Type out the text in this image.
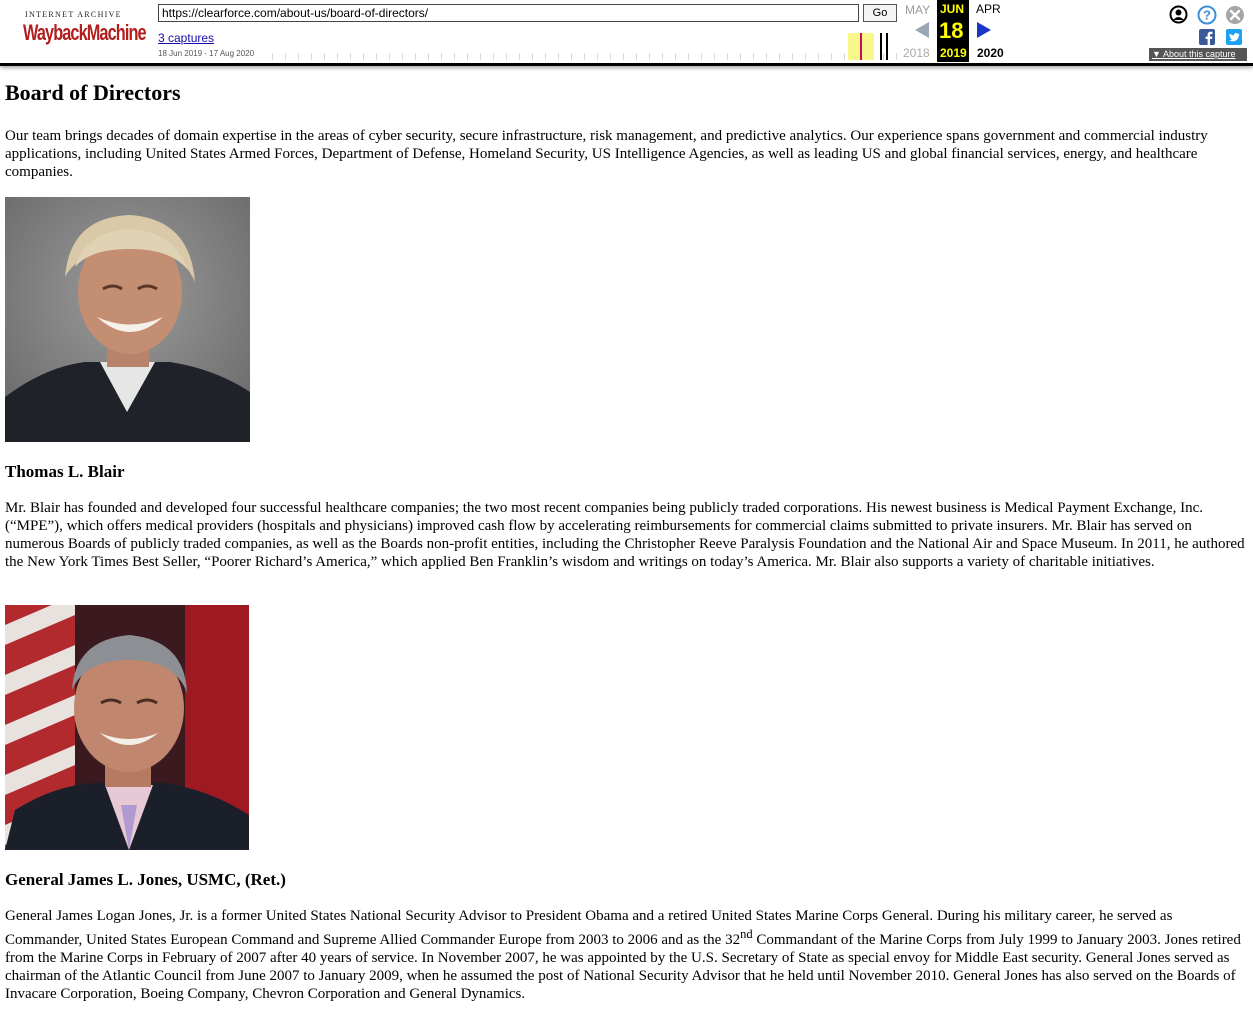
INTERNET ARCHIVE
WaybackMachine
https://clearforce.com/about-us/board-of-directors/
Go
3 captures
18 Jun 2019 - 17 Aug 2020
MAY
2018
JUN
18
2019
APR
2020
?
▼ About this capture
Board of Directors

Our team brings decades of domain expertise in the areas of cyber security, secure infrastructure, risk management, and predictive analytics. Our experience spans government and commercial industry applications, including United States Armed Forces, Department of Defense, Homeland Security, US Intelligence Agencies, as well as leading US and global financial services, energy, and healthcare companies.

Thomas L. Blair

Mr. Blair has founded and developed four successful healthcare companies; the two most recent companies being publicly traded corporations. His newest business is Medical Payment Exchange, Inc. (“MPE”), which offers medical providers (hospitals and physicians) improved cash flow by accelerating reimbursements for commercial claims submitted to private insurers. Mr. Blair has served on numerous Boards of publicly traded companies, as well as the Boards non-profit entities, including the Christopher Reeve Paralysis Foundation and the National Air and Space Museum. In 2011, he authored the New York Times Best Seller, “Poorer Richard’s America,” which applied Ben Franklin’s wisdom and writings on today’s America. Mr. Blair also supports a variety of charitable initiatives.

General James L. Jones, USMC, (Ret.)

General James Logan Jones, Jr. is a former United States National Security Advisor to President Obama and a retired United States Marine Corps General. During his military career, he served as Commander, United States European Command and Supreme Allied Commander Europe from 2003 to 2006 and as the 32nd Commandant of the Marine Corps from July 1999 to January 2003. Jones retired from the Marine Corps in February of 2007 after 40 years of service. In November 2007, he was appointed by the U.S. Secretary of State as special envoy for Middle East security. General Jones served as chairman of the Atlantic Council from June 2007 to January 2009, when he assumed the post of National Security Advisor that he held until November 2010. General Jones has also served on the Boards of Invacare Corporation, Boeing Company, Chevron Corporation and General Dynamics.
